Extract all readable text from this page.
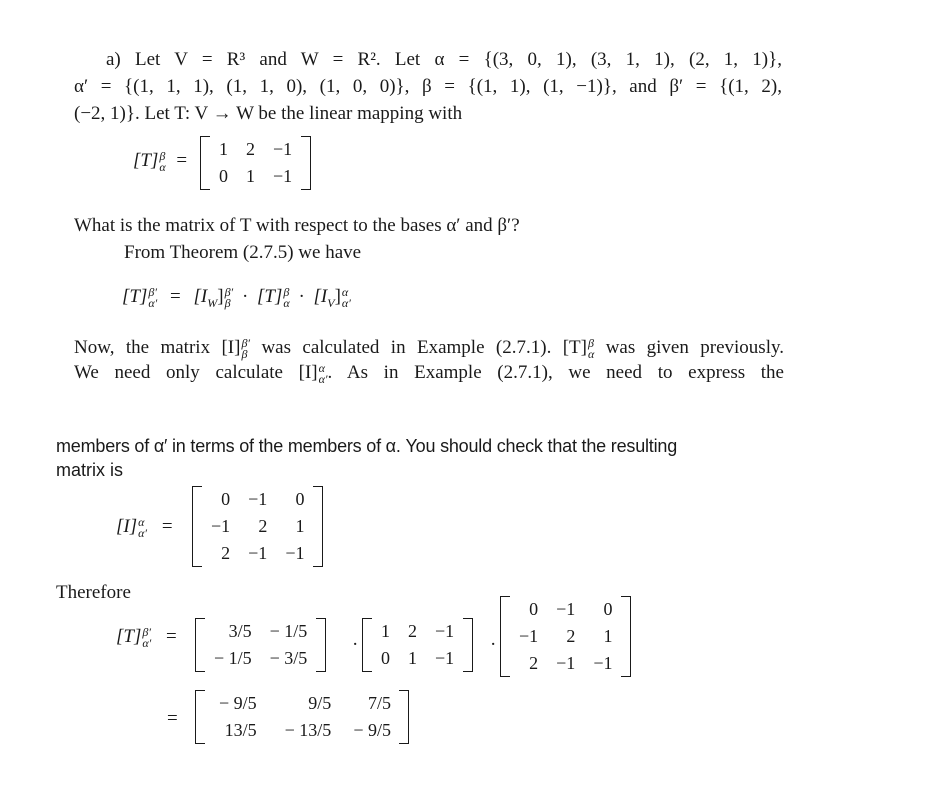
a) Let V = R³ and W = R². Let α = {(3, 0, 1), (3, 1, 1), (2, 1, 1)},
α′ = {(1, 1, 1), (1, 1, 0), (1, 0, 0)}, β = {(1, 1), (1, −1)}, and β′ = {(1, 2),
(−2, 1)}. Let T: V → W be the linear mapping with
[T] β
α =
1	2	−1
0	1	−1
What is the matrix of T with respect to the bases α′ and β′?
From Theorem (2.7.5) we have
[T] β′
$\alpha' = [I_W]$ β′
β · [T] β
$\alpha \cdot [I_V]$ α
α′
Now, the matrix [I] β′
β was calculated in Example (2.7.1). [T] β
α was given previously.
We need only calculate [I] α
α′ . As in Example (2.7.1), we need to express the
members of α′ in terms of the members of α. You should check that the resulting
matrix is
[I] α
α′ =
0	−1	0
−1	2	1
2	−1	−1
Therefore
[T] β′
α′ =	3/5	− 1/5
− 1/5	− 3/5
·
1	2	−1
0	1	−1
·
0	−1	0
−1	2	1
2	−1	−1
=
− 9/5	9/5	7/5
13/5	− 13/5	− 9/5
